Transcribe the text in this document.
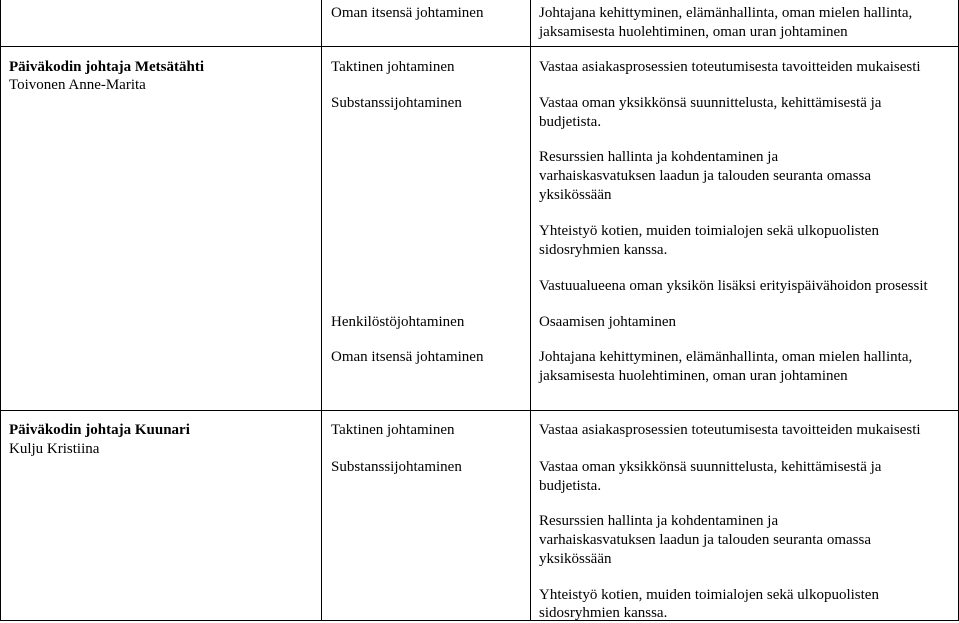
Oman itsensä johtaminen	Johtajana kehittyminen, elämänhallinta, oman mielen hallinta,
jaksamisesta huolehtiminen, oman uran johtaminen
Päiväkodin johtaja Metsätähti
Toivonen Anne-Marita
Taktinen johtaminen
Substanssijohtaminen
Henkilöstöjohtaminen
Oman itsensä johtaminen
Vastaa asiakasprosessien toteutumisesta tavoitteiden mukaisesti
Vastaa oman yksikkönsä suunnittelusta, kehittämisestä ja
budjetista.
Resurssien hallinta ja kohdentaminen ja
varhaiskasvatuksen laadun ja talouden seuranta omassa
yksikössään
Yhteistyö kotien, muiden toimialojen sekä ulkopuolisten
sidosryhmien kanssa.
Vastuualueena oman yksikön lisäksi erityispäivähoidon prosessit
Osaamisen johtaminen
Johtajana kehittyminen, elämänhallinta, oman mielen hallinta,
jaksamisesta huolehtiminen, oman uran johtaminen
Päiväkodin johtaja Kuunari
Kulju Kristiina
Taktinen johtaminen
Substanssijohtaminen
Vastaa asiakasprosessien toteutumisesta tavoitteiden mukaisesti
Vastaa oman yksikkönsä suunnittelusta, kehittämisestä ja
budjetista.
Resurssien hallinta ja kohdentaminen ja
varhaiskasvatuksen laadun ja talouden seuranta omassa
yksikössään
Yhteistyö kotien, muiden toimialojen sekä ulkopuolisten
sidosryhmien kanssa.
